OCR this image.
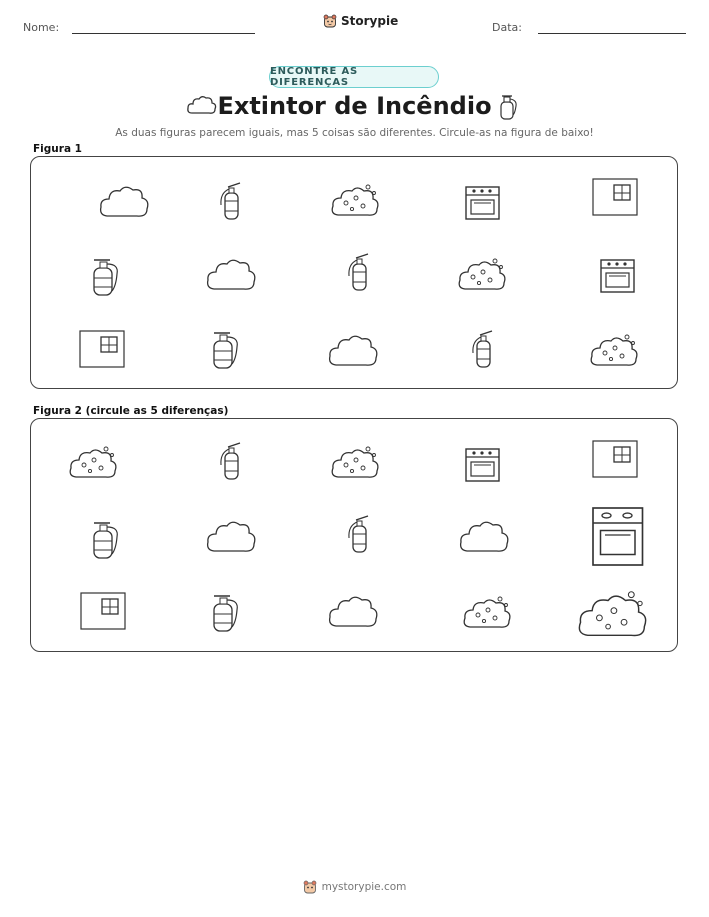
Nome:	Storypie	Data:
ENCONTRE AS DIFERENÇAS
Extintor de Incêndio
As duas figuras parecem iguais, mas 5 coisas são diferentes. Circule-as na figura de baixo!
Figura 1
Figura 2 (circule as 5 diferenças)
mystorypie.com
